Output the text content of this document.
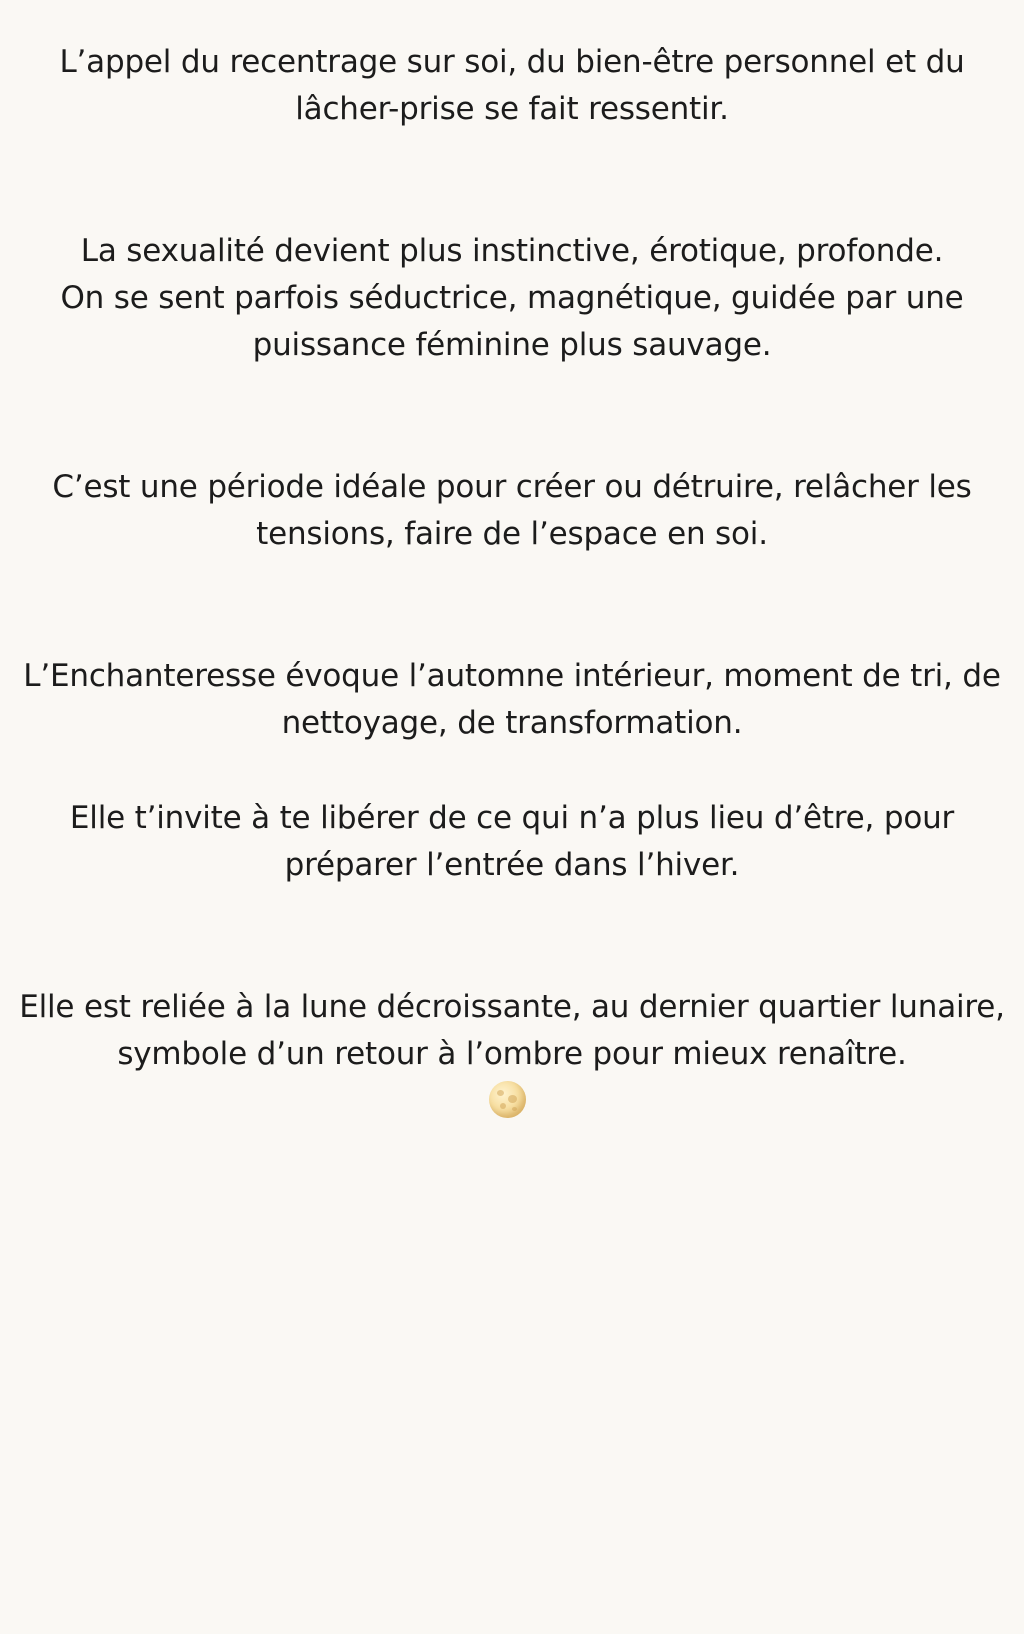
L’appel du recentrage sur soi, du bien-être personnel et du
lâcher-prise se fait ressentir.
La sexualité devient plus instinctive, érotique, profonde.
On se sent parfois séductrice, magnétique, guidée par une
puissance féminine plus sauvage.
C’est une période idéale pour créer ou détruire, relâcher les
tensions, faire de l’espace en soi.
L’Enchanteresse évoque l’automne intérieur, moment de tri, de
nettoyage, de transformation.
Elle t’invite à te libérer de ce qui n’a plus lieu d’être, pour
préparer l’entrée dans l’hiver.
Elle est reliée à la lune décroissante, au dernier quartier lunaire,
symbole d’un retour à l’ombre pour mieux renaître.
